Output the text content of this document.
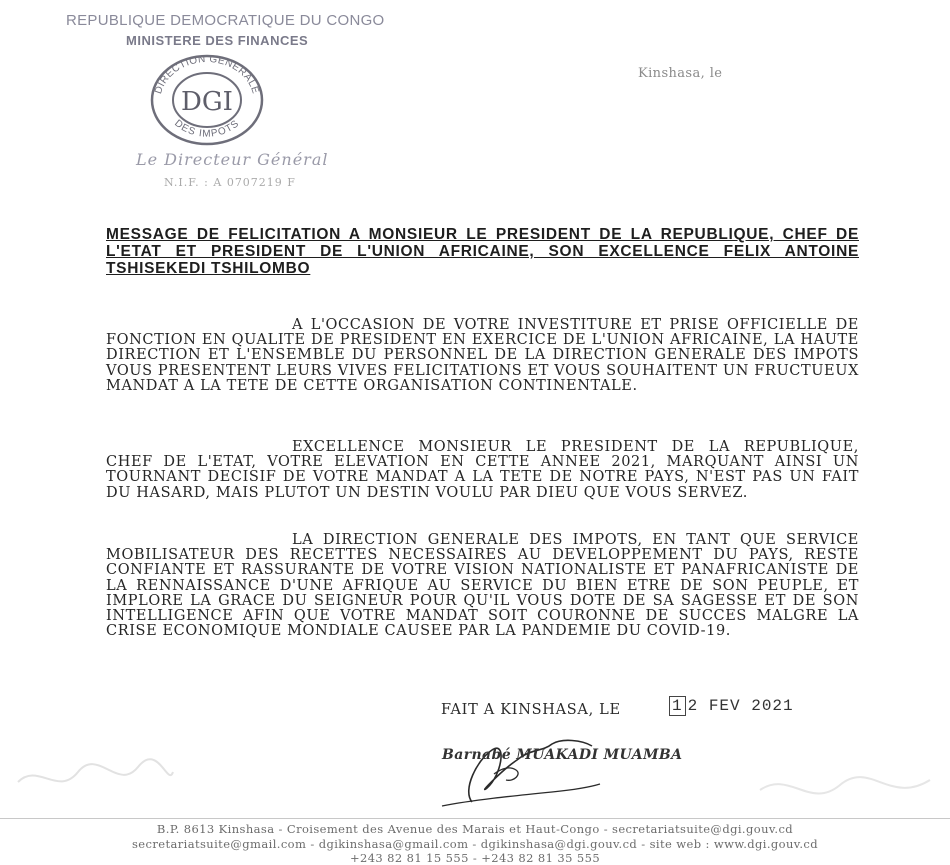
REPUBLIQUE DEMOCRATIQUE DU CONGO
MINISTERE DES FINANCES
DIRECTION GENERALE
DES IMPOTS
DGI
Kinshasa, le
Le Directeur Général
N.I.F. : A 0707219 F
MESSAGE DE FELICITATION A MONSIEUR LE PRESIDENT DE LA REPUBLIQUE, CHEF DE L'ETAT ET PRESIDENT DE L'UNION AFRICAINE, SON EXCELLENCE FELIX ANTOINE TSHISEKEDI TSHILOMBO
A L'OCCASION DE VOTRE INVESTITURE ET PRISE OFFICIELLE DE FONCTION EN QUALITE DE PRESIDENT EN EXERCICE DE L'UNION AFRICAINE, LA HAUTE DIRECTION ET L'ENSEMBLE DU PERSONNEL DE LA DIRECTION GENERALE DES IMPOTS VOUS PRESENTENT LEURS VIVES FELICITATIONS ET VOUS SOUHAITENT UN FRUCTUEUX MANDAT A LA TETE DE CETTE ORGANISATION CONTINENTALE.
EXCELLENCE MONSIEUR LE PRESIDENT DE LA REPUBLIQUE, CHEF DE L'ETAT, VOTRE ELEVATION EN CETTE ANNEE 2021, MARQUANT AINSI UN TOURNANT DECISIF DE VOTRE MANDAT A LA TETE DE NOTRE PAYS, N'EST PAS UN FAIT DU HASARD, MAIS PLUTOT UN DESTIN VOULU PAR DIEU QUE VOUS SERVEZ.
LA DIRECTION GENERALE DES IMPOTS, EN TANT QUE SERVICE MOBILISATEUR DES RECETTES NECESSAIRES AU DEVELOPPEMENT DU PAYS, RESTE CONFIANTE ET RASSURANTE DE VOTRE VISION NATIONALISTE ET PANAFRICANISTE DE LA RENNAISSANCE D'UNE AFRIQUE AU SERVICE DU BIEN ETRE DE SON PEUPLE, ET IMPLORE LA GRACE DU SEIGNEUR POUR QU'IL VOUS DOTE DE SA SAGESSE ET DE SON INTELLIGENCE AFIN QUE VOTRE MANDAT SOIT COURONNE DE SUCCES MALGRE LA CRISE ECONOMIQUE MONDIALE CAUSEE PAR LA PANDEMIE DU COVID-19.
FAIT A KINSHASA, LE	1 2 FEV 2021
Barnabé MUAKADI MUAMBA
B.P. 8613 Kinshasa - Croisement des Avenue des Marais et Haut-Congo - secretariatsuite@dgi.gouv.cd
secretariatsuite@gmail.com - dgikinshasa@gmail.com - dgikinshasa@dgi.gouv.cd - site web : www.dgi.gouv.cd
+243 82 81 15 555 - +243 82 81 35 555
